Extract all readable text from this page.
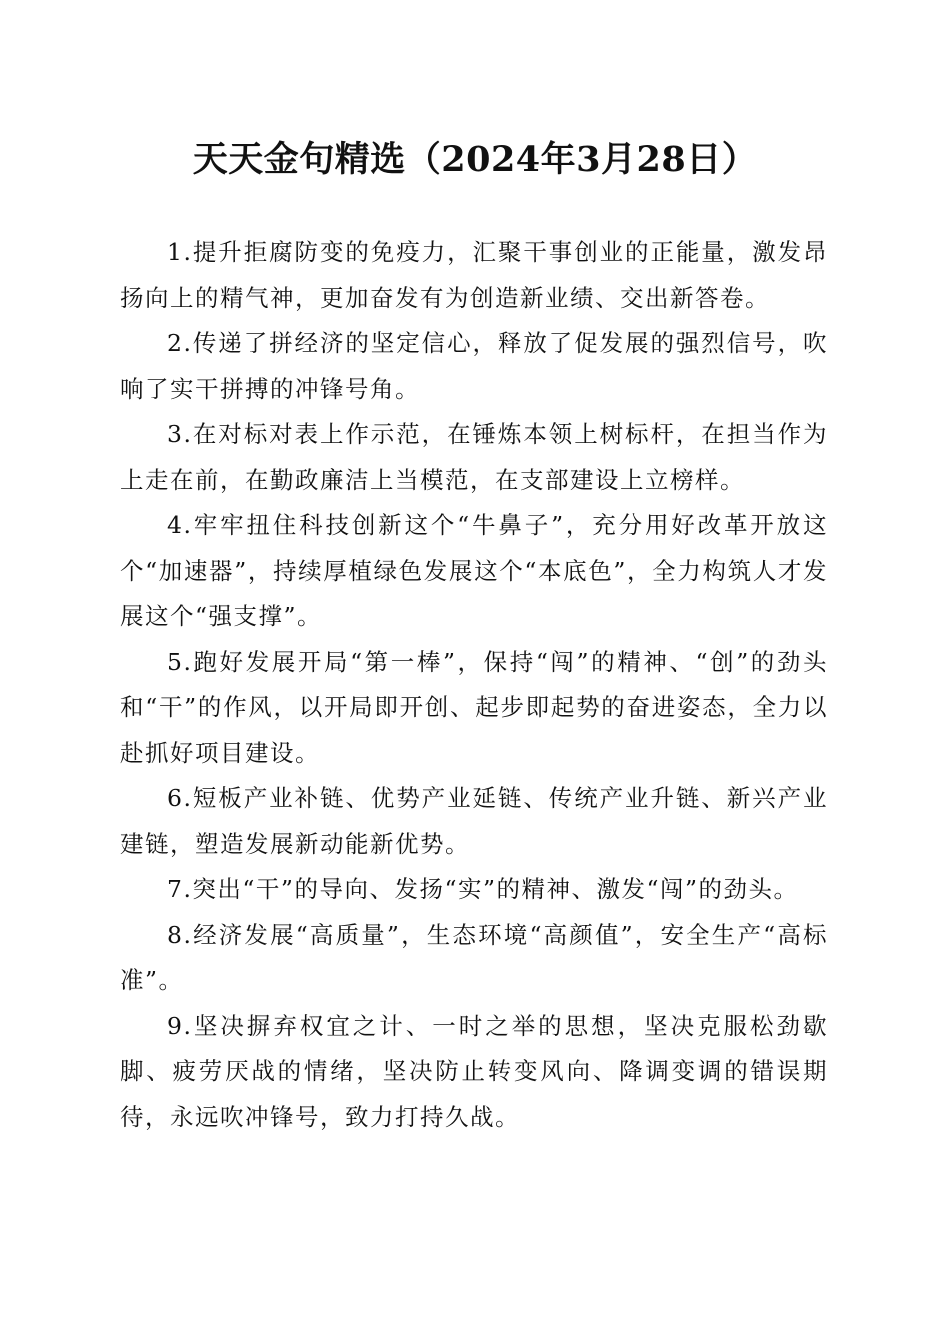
天天金句精选（2024年3月28日）

1.提升拒腐防变的免疫力，汇聚干事创业的正能量，激发昂扬向上的精气神，更加奋发有为创造新业绩、交出新答卷。

2.传递了拼经济的坚定信心，释放了促发展的强烈信号，吹响了实干拼搏的冲锋号角。

3.在对标对表上作示范，在锤炼本领上树标杆，在担当作为上走在前，在勤政廉洁上当模范，在支部建设上立榜样。

4.牢牢扭住科技创新这个“牛鼻子”，充分用好改革开放这个“加速器”，持续厚植绿色发展这个“本底色”，全力构筑人才发展这个“强支撑”。

5.跑好发展开局“第一棒”，保持“闯”的精神、“创”的劲头和“干”的作风，以开局即开创、起步即起势的奋进姿态，全力以赴抓好项目建设。

6.短板产业补链、优势产业延链、传统产业升链、新兴产业建链，塑造发展新动能新优势。

7.突出“干”的导向、发扬“实”的精神、激发“闯”的劲头。

8.经济发展“高质量”，生态环境“高颜值”，安全生产“高标准”。

9.坚决摒弃权宜之计、一时之举的思想，坚决克服松劲歇脚、疲劳厌战的情绪，坚决防止转变风向、降调变调的错误期待，永远吹冲锋号，致力打持久战。
